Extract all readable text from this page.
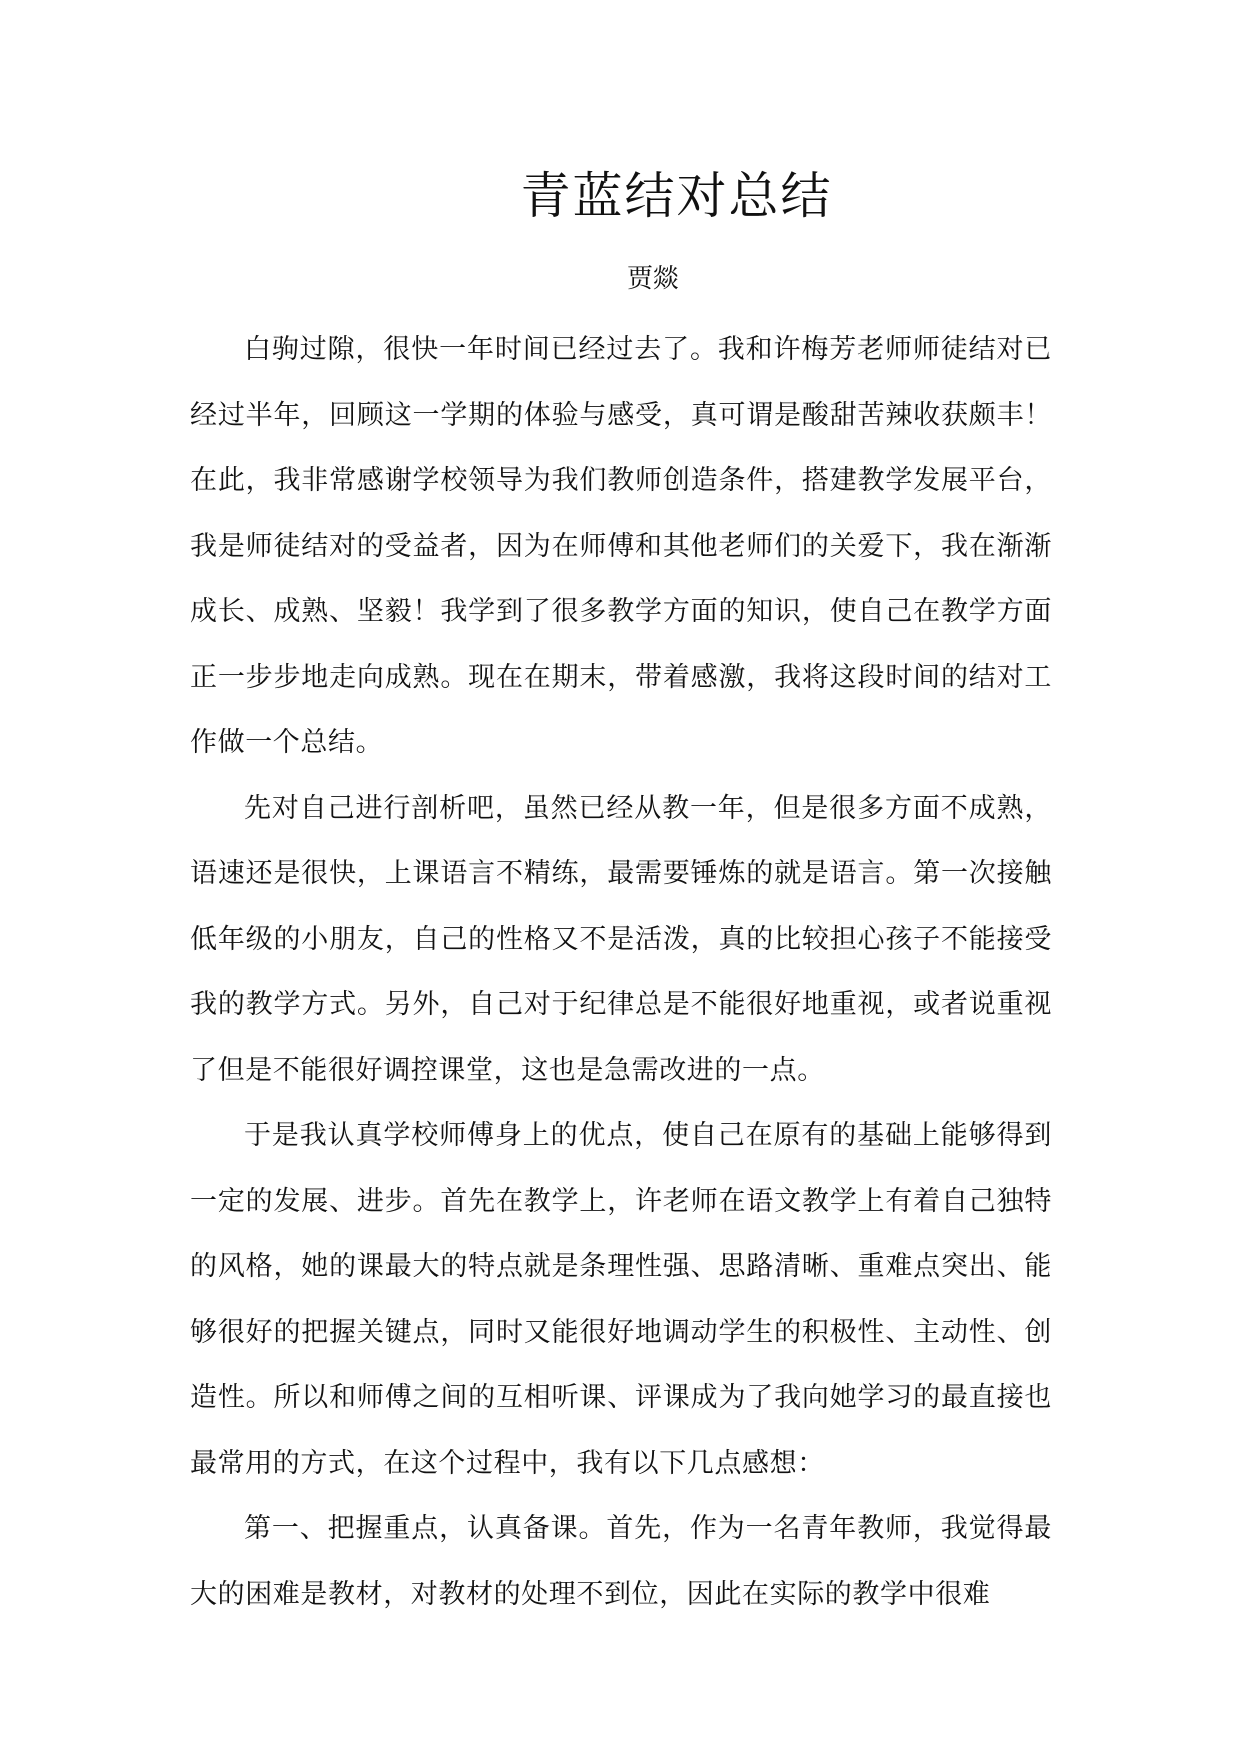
青蓝结对总结
贾燚

白驹过隙，很快一年时间已经过去了。我和许梅芳老师师徒结对已经过半年，回顾这一学期的体验与感受，真可谓是酸甜苦辣收获颇丰！在此，我非常感谢学校领导为我们教师创造条件，搭建教学发展平台，我是师徒结对的受益者，因为在师傅和其他老师们的关爱下，我在渐渐成长、成熟、坚毅！我学到了很多教学方面的知识，使自己在教学方面正一步步地走向成熟。现在在期末，带着感激，我将这段时间的结对工作做一个总结。

先对自己进行剖析吧，虽然已经从教一年，但是很多方面不成熟，语速还是很快，上课语言不精练，最需要锤炼的就是语言。第一次接触低年级的小朋友，自己的性格又不是活泼，真的比较担心孩子不能接受我的教学方式。另外，自己对于纪律总是不能很好地重视，或者说重视了但是不能很好调控课堂，这也是急需改进的一点。

于是我认真学校师傅身上的优点，使自己在原有的基础上能够得到一定的发展、进步。首先在教学上，许老师在语文教学上有着自己独特的风格，她的课最大的特点就是条理性强、思路清晰、重难点突出、能够很好的把握关键点，同时又能很好地调动学生的积极性、主动性、创造性。所以和师傅之间的互相听课、评课成为了我向她学习的最直接也最常用的方式，在这个过程中，我有以下几点感想：

第一、把握重点，认真备课。首先，作为一名青年教师，我觉得最大的困难是教材，对教材的处理不到位，因此在实际的教学中很难
